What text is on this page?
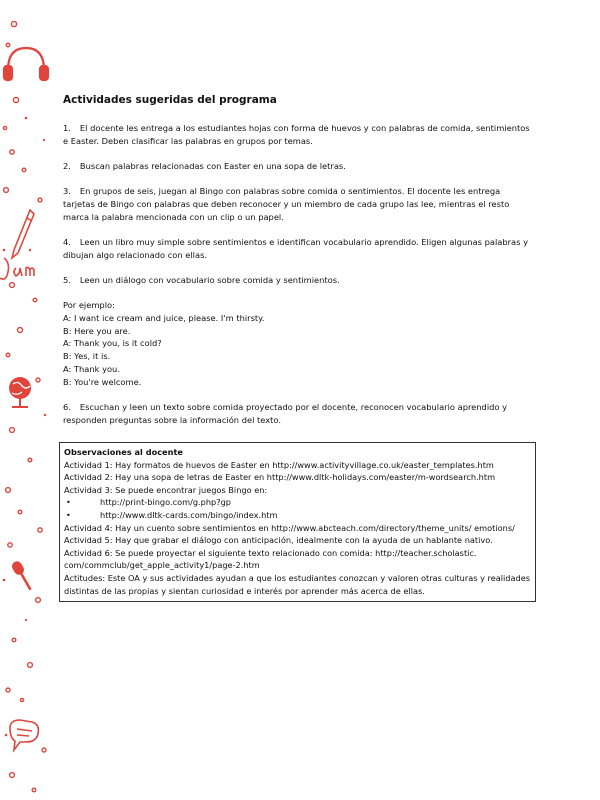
Actividades sugeridas del programa

1. El docente les entrega a los estudiantes hojas con forma de huevos y con palabras de comida, sentimientos e Easter. Deben clasificar las palabras en grupos por temas.

2. Buscan palabras relacionadas con Easter en una sopa de letras.

3. En grupos de seis, juegan al Bingo con palabras sobre comida o sentimientos. El docente les entrega tarjetas de Bingo con palabras que deben reconocer y un miembro de cada grupo las lee, mientras el resto marca la palabra mencionada con un clip o un papel.

4. Leen un libro muy simple sobre sentimientos e identifican vocabulario aprendido. Eligen algunas palabras y dibujan algo relacionado con ellas.

5. Leen un diálogo con vocabulario sobre comida y sentimientos.

Por ejemplo:
A: I want ice cream and juice, please. I'm thirsty.
B: Here you are.
A: Thank you, is it cold?
B: Yes, it is.
A: Thank you.
B: You're welcome.

6. Escuchan y leen un texto sobre comida proyectado por el docente, reconocen vocabulario aprendido y responden preguntas sobre la información del texto.

Observaciones al docente
Actividad 1: Hay formatos de huevos de Easter en http://www.activityvillage.co.uk/easter_templates.htm Actividad 2: Hay una sopa de letras de Easter en http://www.dltk-holidays.com/easter/m-wordsearch.htm Actividad 3: Se puede encontrar juegos Bingo en:
•	http://print-bingo.com/g.php?gp
•	http://www.dltk-cards.com/bingo/index.htm
Actividad 4: Hay un cuento sobre sentimientos en http://www.abcteach.com/directory/theme_units/ emotions/
Actividad 5: Hay que grabar el diálogo con anticipación, idealmente con la ayuda de un hablante nativo. Actividad 6: Se puede proyectar el siguiente texto relacionado con comida: http://teacher.scholastic. com/commclub/get_apple_activity1/page-2.htm
Actitudes: Este OA y sus actividades ayudan a que los estudiantes conozcan y valoren otras culturas y realidades distintas de las propias y sientan curiosidad e interés por aprender más acerca de ellas.
